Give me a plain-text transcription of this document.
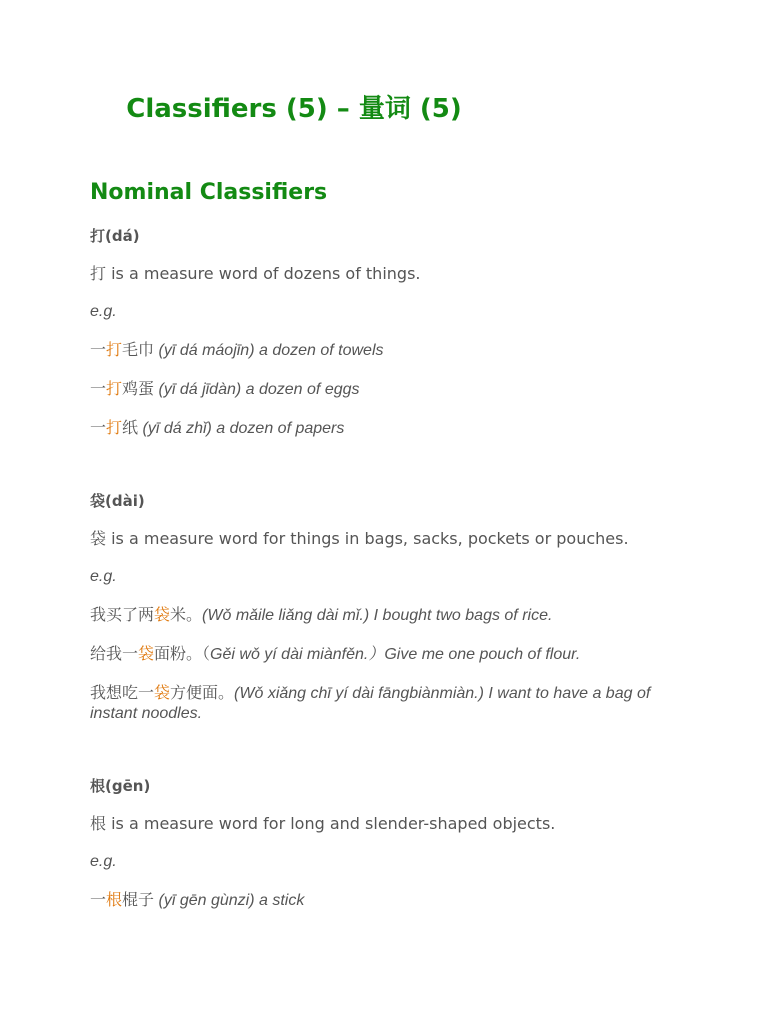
Classifiers (5) – 量词 (5)
Nominal Classifiers

打(dá)

打 is a measure word of dozens of things.

e.g.

一打毛巾 (yī dá máojīn) a dozen of towels

一打鸡蛋 (yī dá jīdàn) a dozen of eggs

一打纸 (yī dá zhǐ) a dozen of papers

袋(dài)

袋 is a measure word for things in bags, sacks, pockets or pouches.

e.g.

我买了两袋米。(Wǒ mǎile liǎng dài mǐ.) I bought two bags of rice.

给我一袋面粉。（Gěi wǒ yí dài miànfěn.）Give me one pouch of flour.

我想吃一袋方便面。(Wǒ xiǎng chī yí dài fāngbiànmiàn.) I want to have a bag of instant noodles.

根(gēn)

根 is a measure word for long and slender-shaped objects.

e.g.

一根棍子 (yī gēn gùnzi) a stick
